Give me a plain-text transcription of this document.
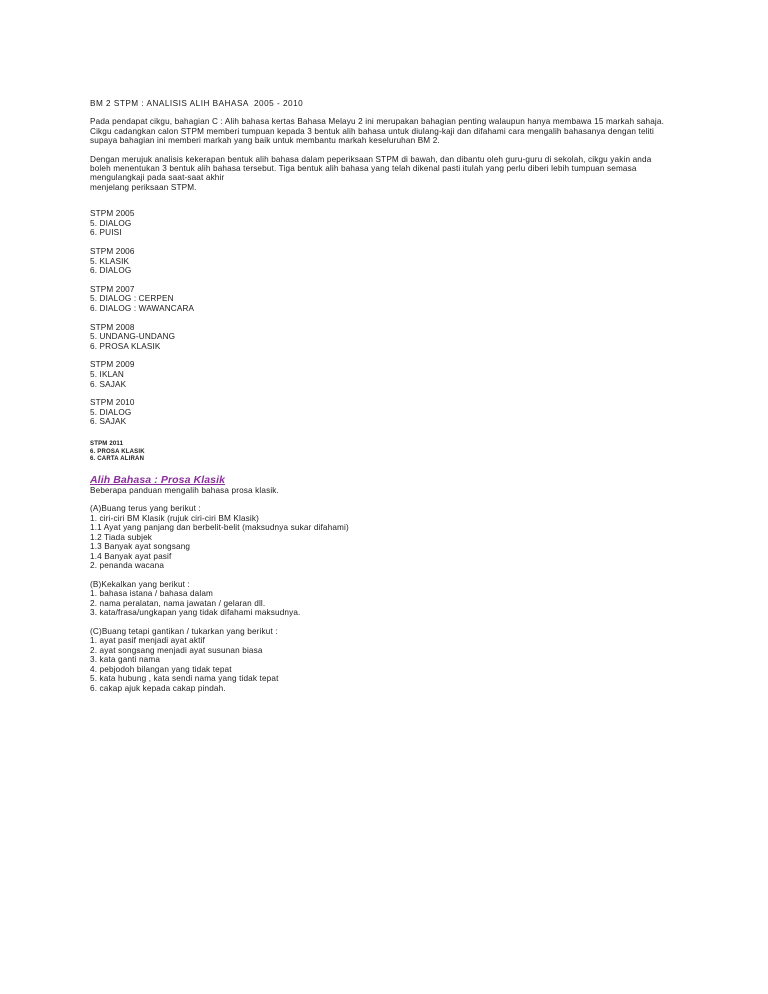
BM 2 STPM : ANALISIS ALIH BAHASA  2005 - 2010
Pada pendapat cikgu, bahagian C : Alih bahasa kertas Bahasa Melayu 2 ini merupakan bahagian penting walaupun hanya membawa 15 markah sahaja.
Cikgu cadangkan calon STPM memberi tumpuan kepada 3 bentuk alih bahasa untuk diulang-kaji dan difahami cara mengalih bahasanya dengan teliti
supaya bahagian ini memberi markah yang baik untuk membantu markah keseluruhan BM 2.
Dengan merujuk analisis kekerapan bentuk alih bahasa dalam peperiksaan STPM di bawah, dan dibantu oleh guru-guru di sekolah, cikgu yakin anda
boleh menentukan 3 bentuk alih bahasa tersebut. Tiga bentuk alih bahasa yang telah dikenal pasti itulah yang perlu diberi lebih tumpuan semasa
mengulangkaji pada saat-saat akhir
menjelang periksaan STPM.
STPM 2005
5. DIALOG
6. PUISI
STPM 2006
5. KLASIK
6. DIALOG
STPM 2007
5. DIALOG : CERPEN
6. DIALOG : WAWANCARA
STPM 2008
5. UNDANG-UNDANG
6. PROSA KLASIK
STPM 2009
5. IKLAN
6. SAJAK
STPM 2010
5. DIALOG
6. SAJAK
STPM 2011
6. PROSA KLASIK
6. CARTA ALIRAN
Alih Bahasa : Prosa Klasik
Beberapa panduan mengalih bahasa prosa klasik.
(A)Buang terus yang berikut :
1. ciri-ciri BM Klasik (rujuk ciri-ciri BM Klasik)
1.1 Ayat yang panjang dan berbelit-belit (maksudnya sukar difahami)
1.2 Tiada subjek
1.3 Banyak ayat songsang
1.4 Banyak ayat pasif
2. penanda wacana
(B)Kekalkan yang berikut :
1. bahasa istana / bahasa dalam
2. nama peralatan, nama jawatan / gelaran dll.
3. kata/frasa/ungkapan yang tidak difahami maksudnya.
(C)Buang tetapi gantikan / tukarkan yang berikut :
1. ayat pasif menjadi ayat aktif
2. ayat songsang menjadi ayat susunan biasa
3. kata ganti nama
4. pebjodoh bilangan yang tidak tepat
5. kata hubung , kata sendi nama yang tidak tepat
6. cakap ajuk kepada cakap pindah.
